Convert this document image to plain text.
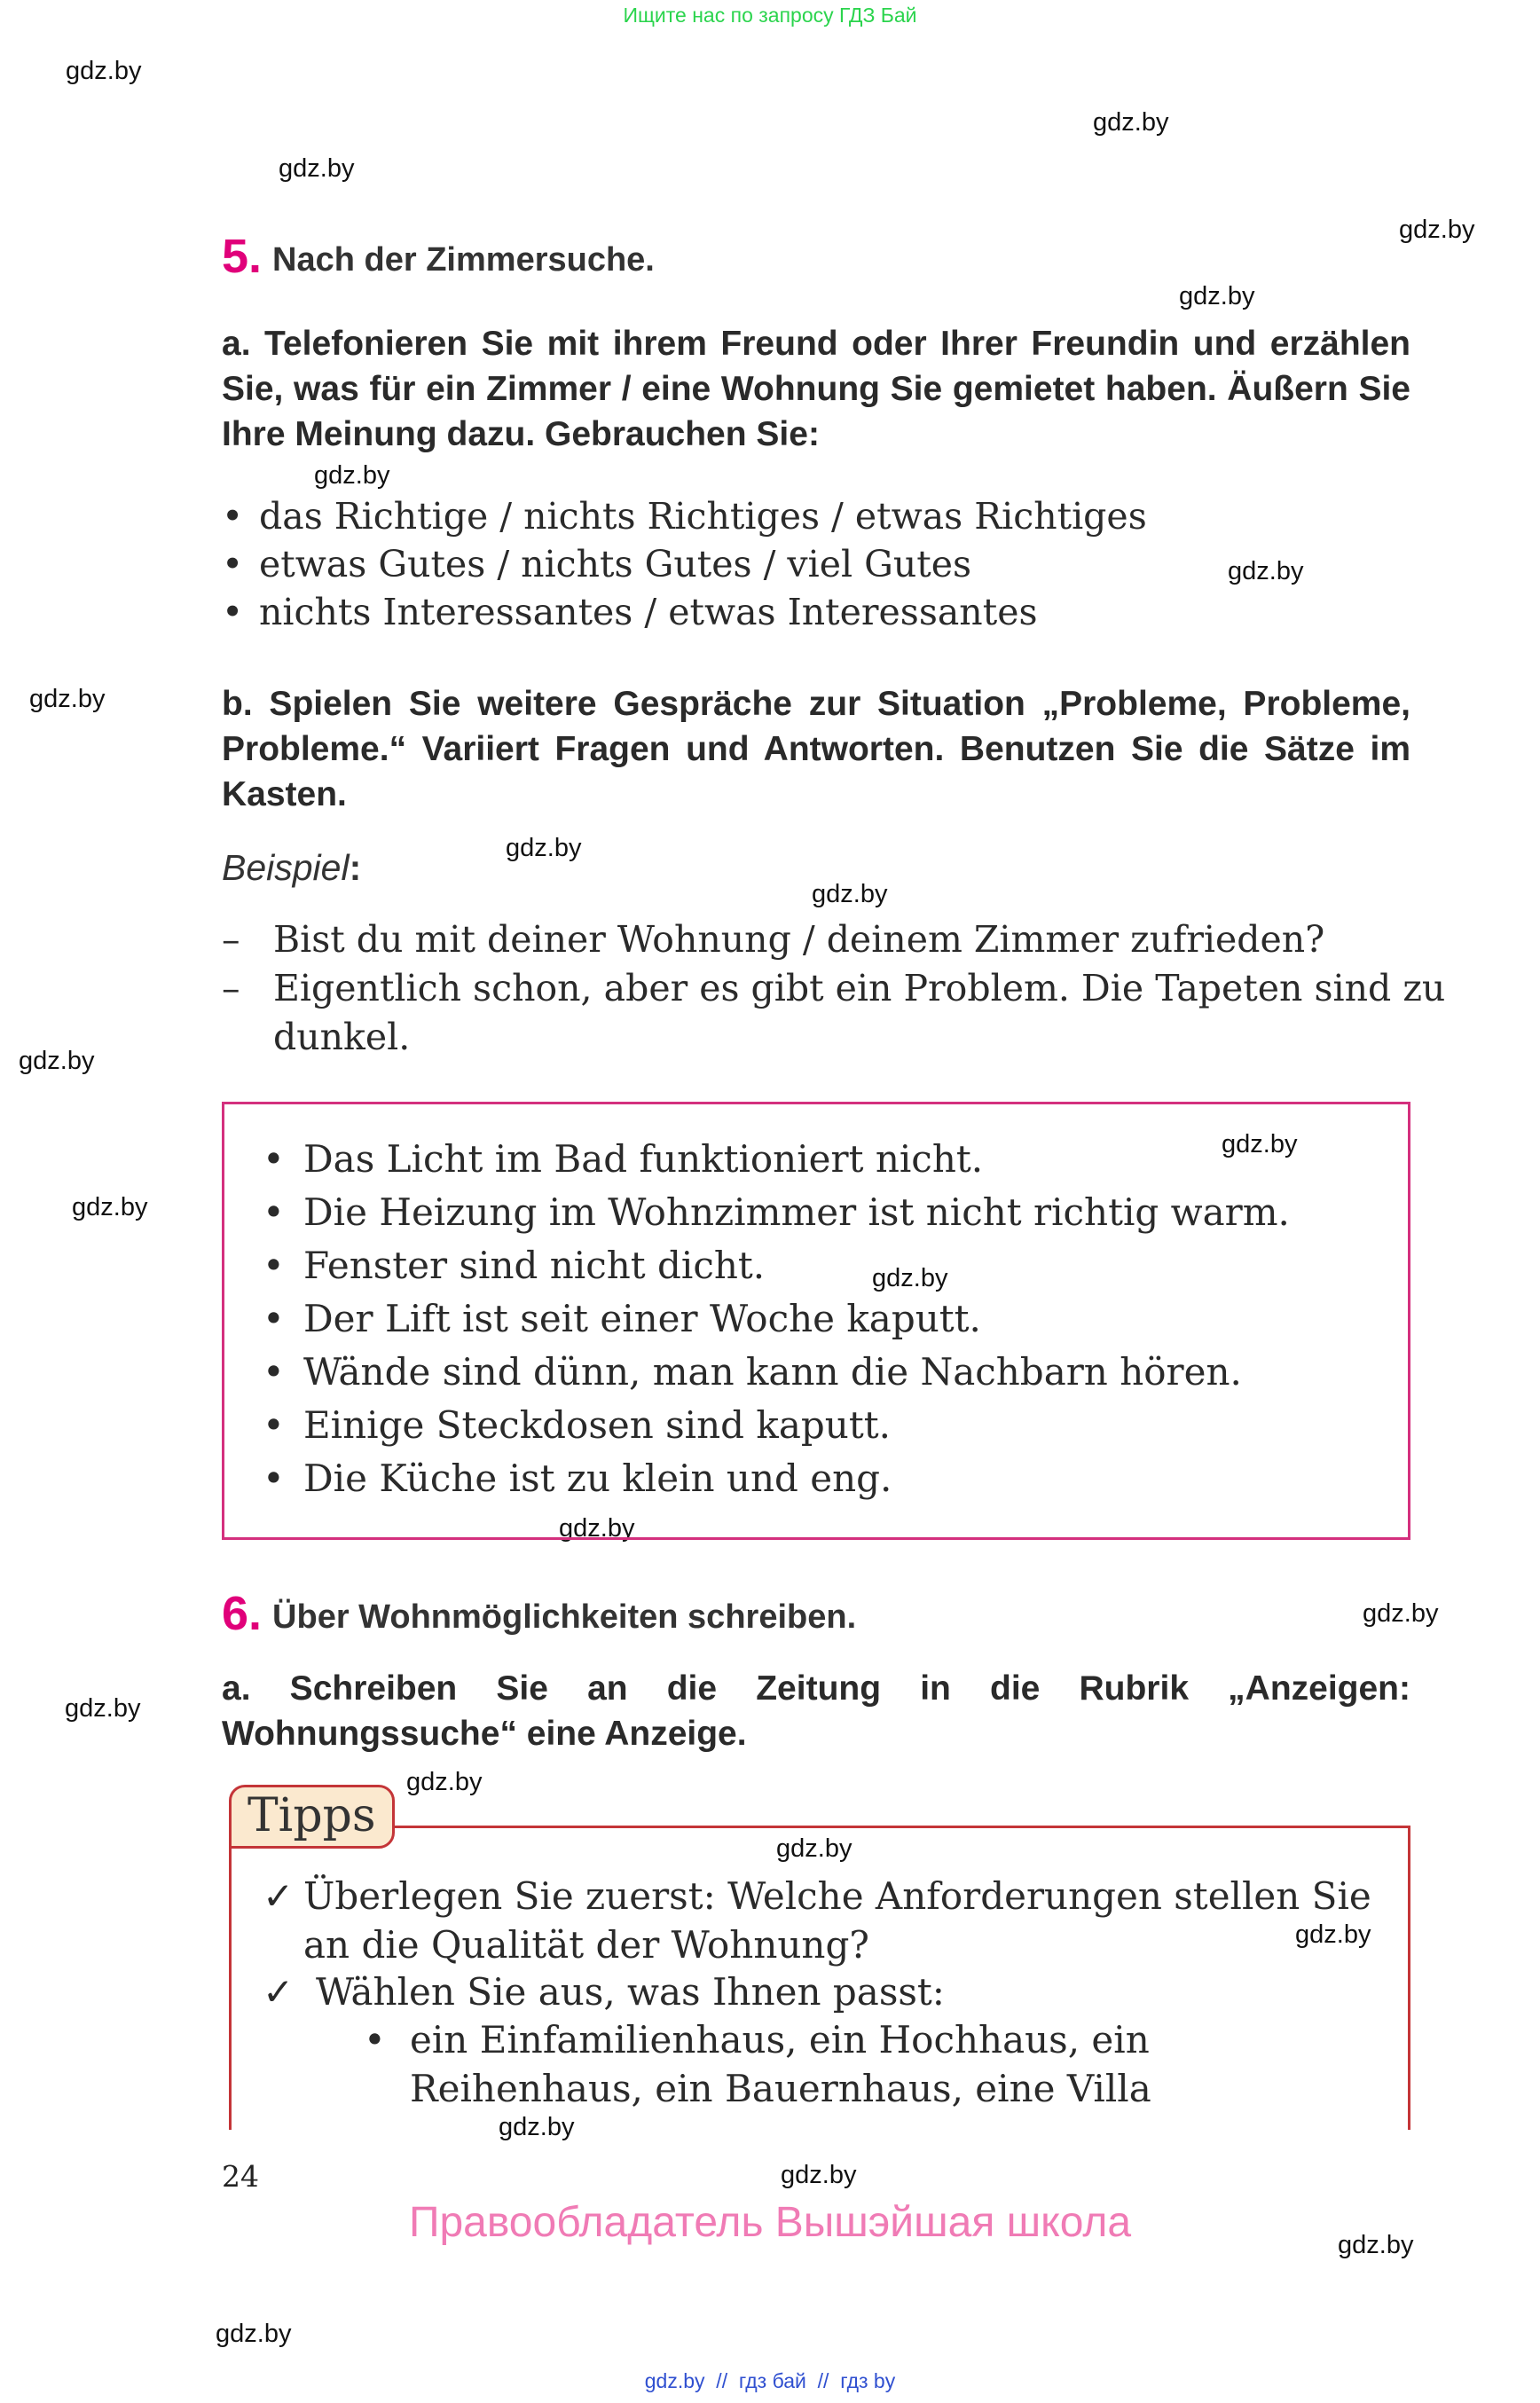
Ищите нас по запросу ГДЗ Бай
gdz.by
gdz.by
gdz.by
gdz.by
gdz.by
gdz.by
gdz.by
gdz.by
gdz.by
gdz.by
gdz.by
gdz.by
gdz.by
gdz.by
gdz.by
gdz.by
gdz.by
gdz.by
gdz.by
gdz.by
gdz.by
gdz.by
gdz.by
gdz.by
5. Nach der Zimmersuche.
a. Telefonieren Sie mit ihrem Freund oder Ihrer Freundin und erzählen Sie, was für ein Zimmer / eine Wohnung Sie gemietet haben. Äußern Sie Ihre Meinung dazu. Gebrauchen Sie:
• das Richtige / nichts Richtiges / etwas Richtiges
• etwas Gutes / nichts Gutes / viel Gutes
• nichts Interessantes / etwas Interessantes
b. Spielen Sie weitere Gespräche zur Situation „Probleme, Probleme, Probleme.“ Variiert Fragen und Antworten. Benutzen Sie die Sätze im Kasten.
Beispiel:
– Bist du mit deiner Wohnung / deinem Zimmer zufrieden?
– Eigentlich schon, aber es gibt ein Problem. Die Tapeten sind zu dunkel.
• Das Licht im Bad funktioniert nicht.
• Die Heizung im Wohnzimmer ist nicht richtig warm.
• Fenster sind nicht dicht.
• Der Lift ist seit einer Woche kaputt.
• Wände sind dünn, man kann die Nachbarn hören.
• Einige Steckdosen sind kaputt.
• Die Küche ist zu klein und eng.
6. Über Wohnmöglichkeiten schreiben.
a. Schreiben Sie an die Zeitung in die Rubrik „Anzeigen: Wohnungssuche“ eine Anzeige.
Tipps
✓ Überlegen Sie zuerst: Welche Anforderungen stellen Sie an die Qualität der Wohnung?
✓ Wählen Sie aus, was Ihnen passt:
• ein Einfamilienhaus, ein Hochhaus, ein Reihenhaus, ein Bauernhaus, eine Villa
24
Правообладатель Вышэйшая школа
gdz.by  //  гдз бай  //  гдз by
